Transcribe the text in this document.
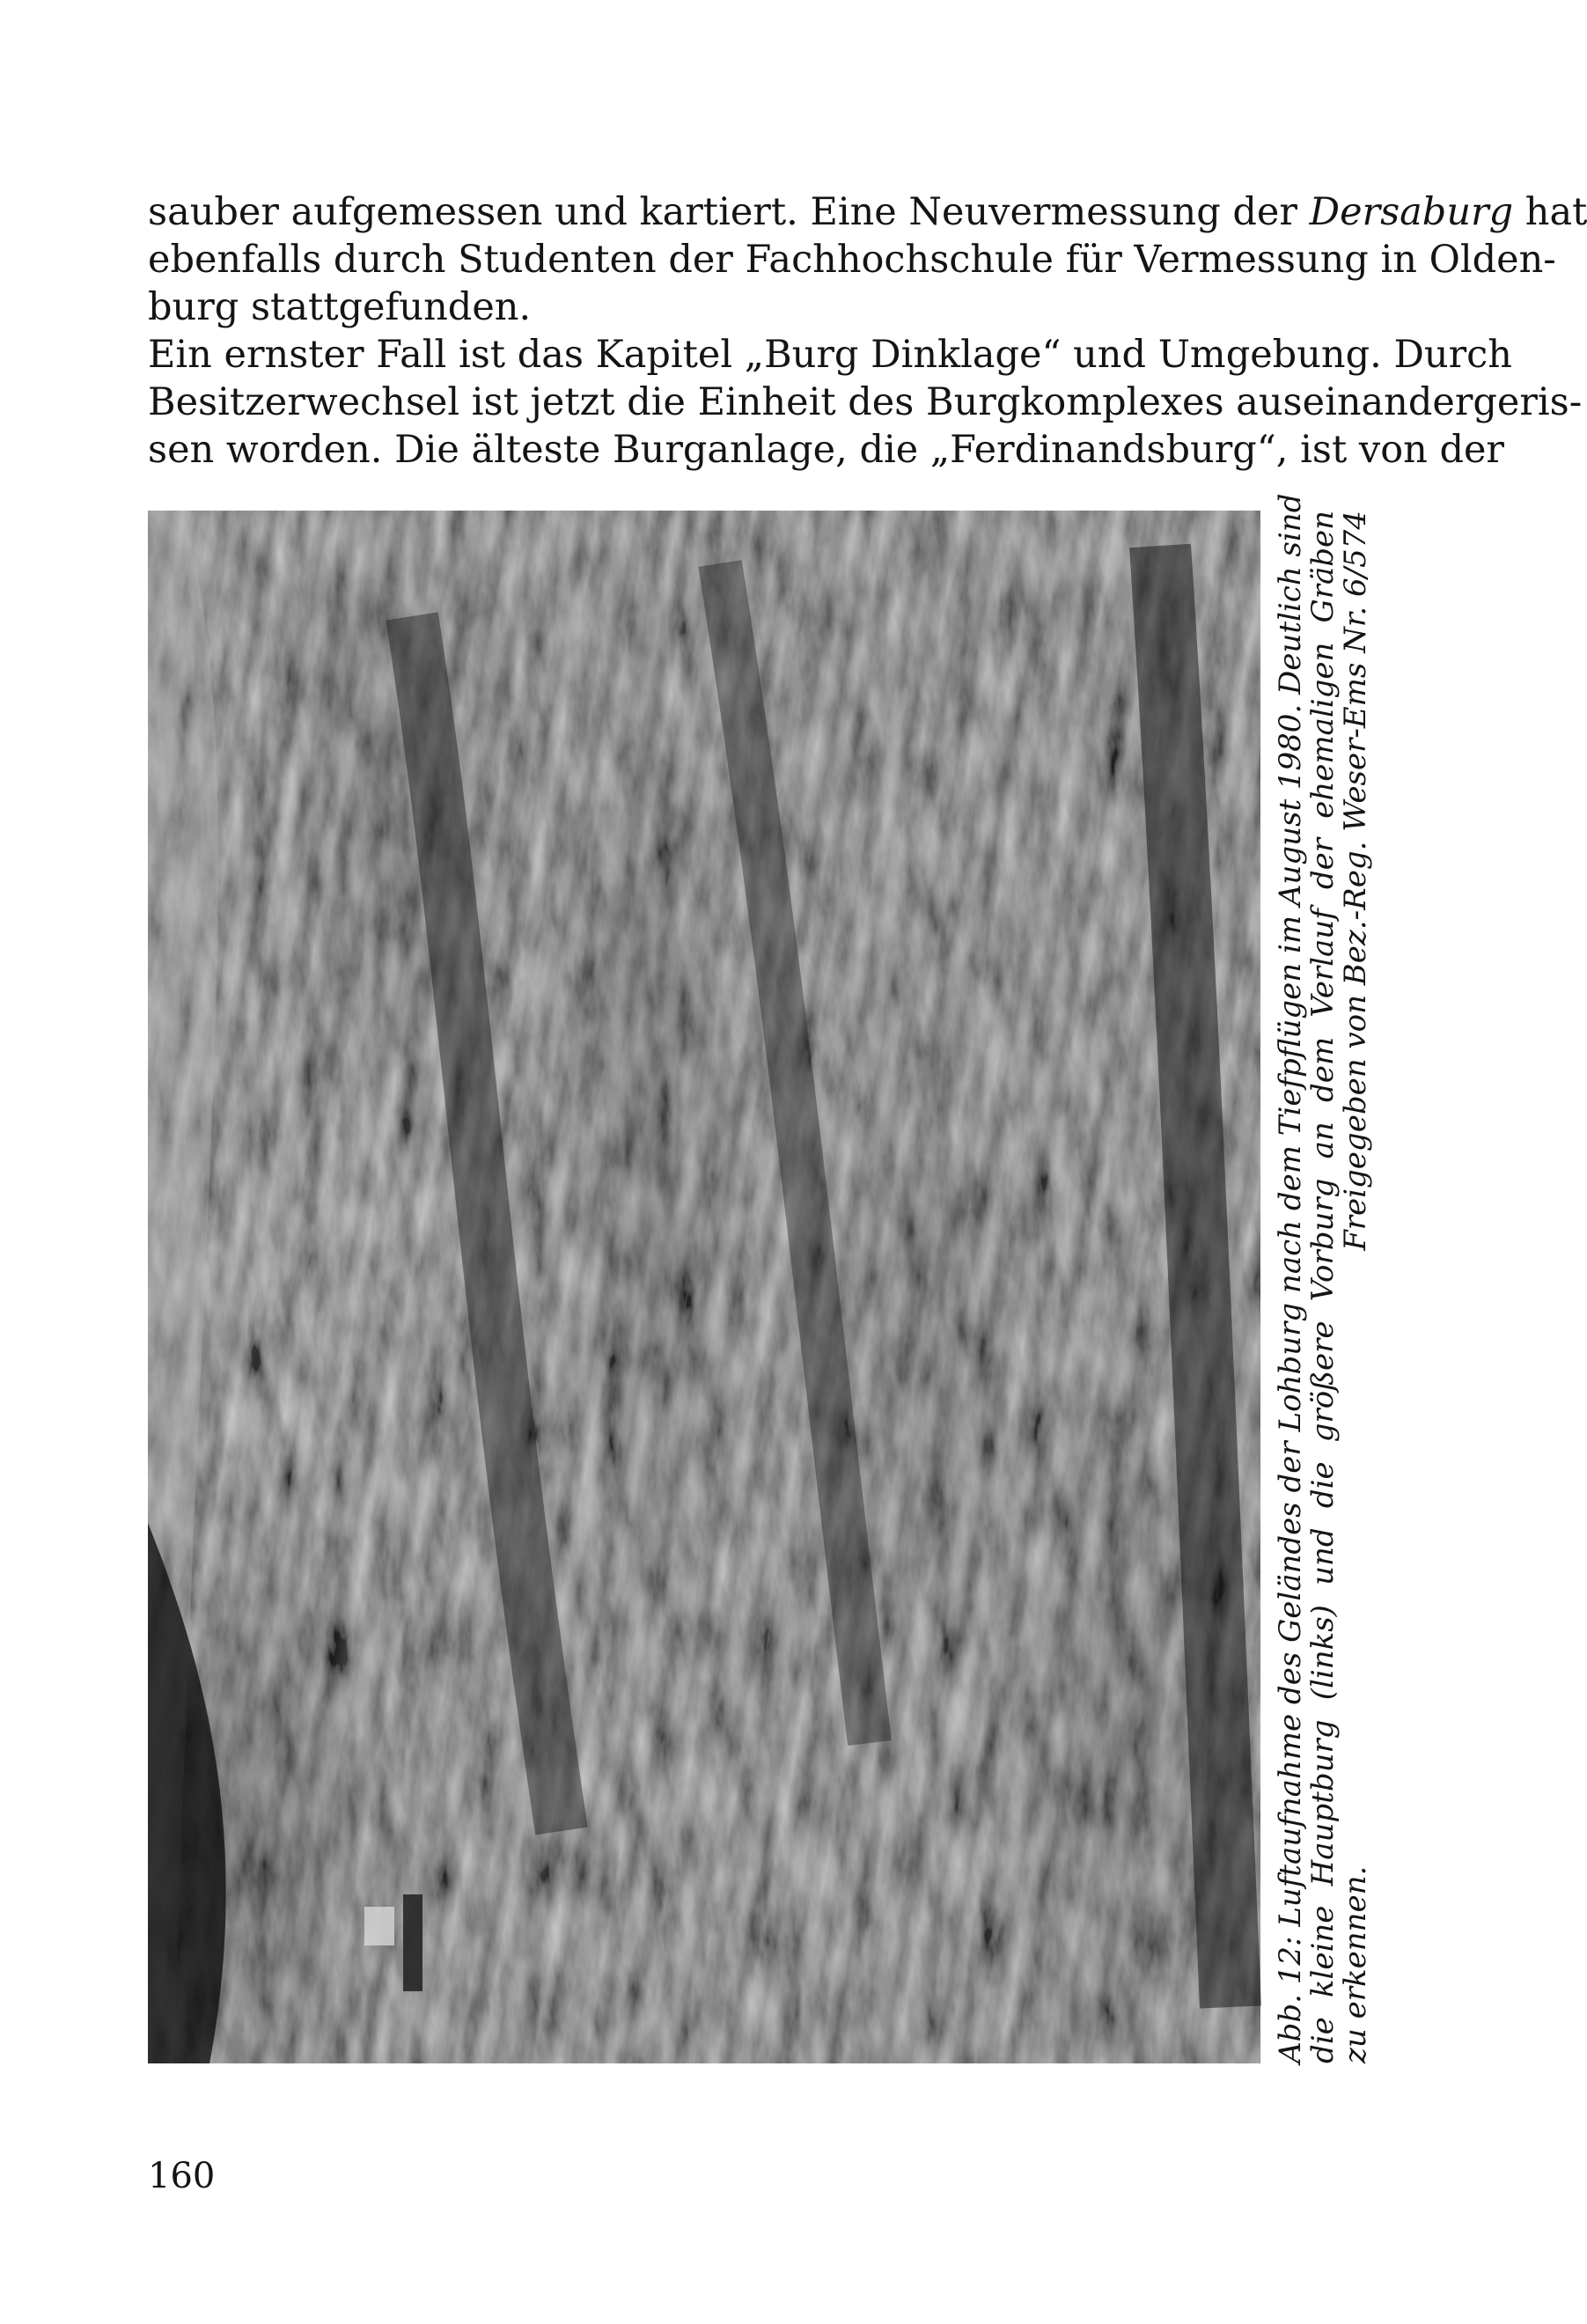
sauber aufgemessen und kartiert. Eine Neuvermessung der Dersaburg hat
ebenfalls durch Studenten der Fachhochschule für Vermessung in Olden-
burg stattgefunden.

Ein ernster Fall ist das Kapitel „Burg Dinklage“ und Umgebung. Durch
Besitzerwechsel ist jetzt die Einheit des Burgkomplexes auseinandergeris-
sen worden. Die älteste Burganlage, die „Ferdinandsburg“, ist von der

Abb. 12: Luftaufnahme des Geländes der Lohburg nach dem Tiefpflügen im August 1980. Deutlich sind
die kleine Hauptburg (links) und die größere Vorburg an dem Verlauf der ehemaligen Gräben
zu erkennen.
Freigegeben von Bez.-Reg. Weser-Ems Nr. 6/574
160
